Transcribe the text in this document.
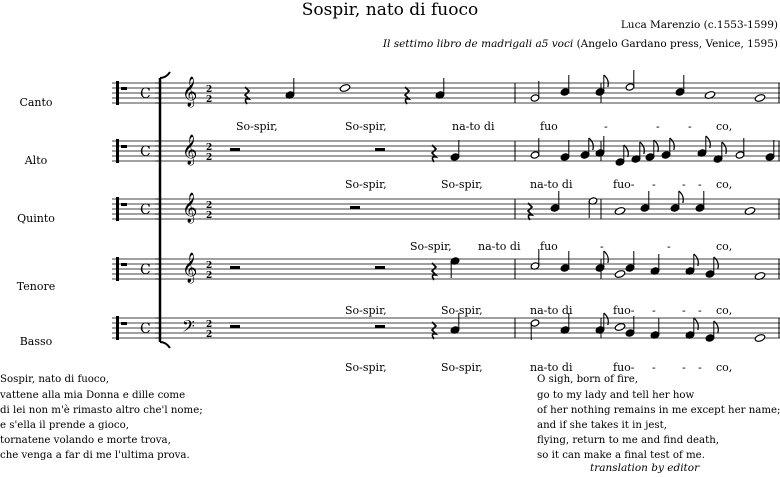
Sospir, nato di fuoco
Luca Marenzio (c.1553-1599)
Il settimo libro de madrigali a5 voci (Angelo Gardano press, Venice, 1595)
Canto
Alto
Quinto
Tenore
Basso
C 𝄞 2
2
C 𝄞 2
2
C 𝄞 2
2
C 𝄞 2
2
C 𝄢 2
2
So-spir,	So-spir,	na-to di	fuo	-	-	- co,
So-spir,	So-spir,	na-to di	fuo- - - - co,
So-spir, na-to di fuo	-	-	co,
So-spir,	So-spir,	na-to di	fuo- - - - co,
So-spir,	So-spir,	na-to di	fuo- - - - co,
Sospir, nato di fuoco,
vattene alla mia Donna e dille come
di lei non m'è rimasto altro che'l nome;
e s'ella il prende a gioco,
tornatene volando e morte trova,
che venga a far di me l'ultima prova.
O sigh, born of fire,
go to my lady and tell her how
of her nothing remains in me except her name;
and if she takes it in jest,
flying, return to me and find death,
so it can make a final test of me.
translation by editor
